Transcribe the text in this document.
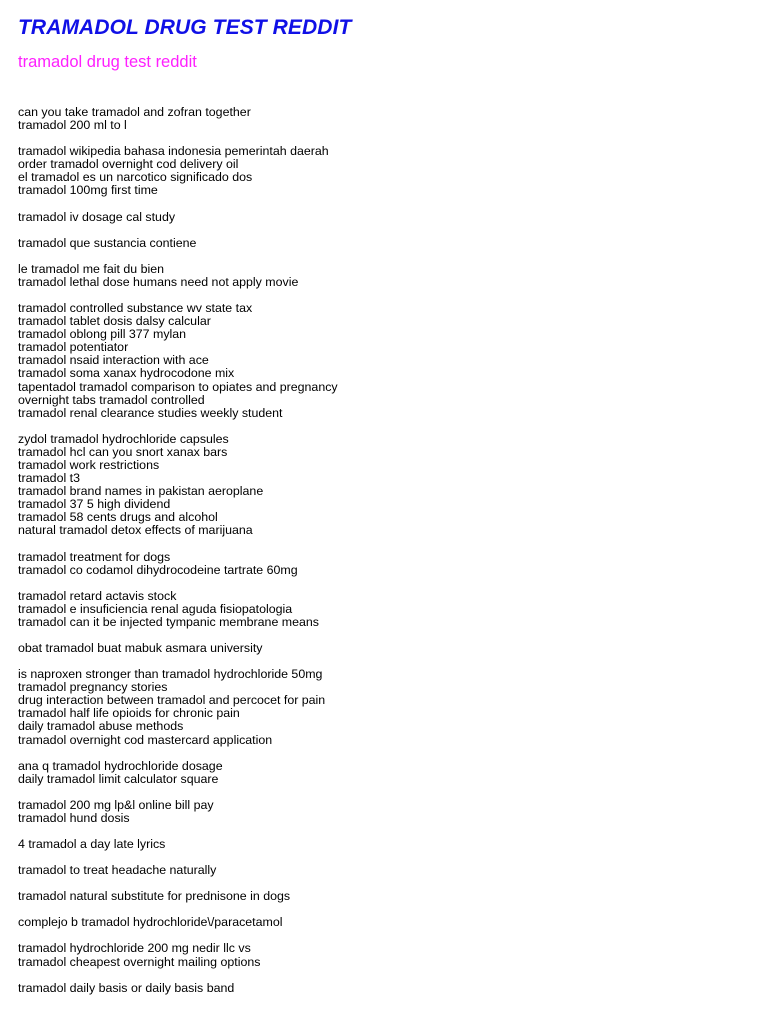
TRAMADOL DRUG TEST REDDIT
tramadol drug test reddit
can you take tramadol and zofran together
tramadol 200 ml to l
tramadol wikipedia bahasa indonesia pemerintah daerah
order tramadol overnight cod delivery oil
el tramadol es un narcotico significado dos
tramadol 100mg first time
tramadol iv dosage cal study
tramadol que sustancia contiene
le tramadol me fait du bien
tramadol lethal dose humans need not apply movie
tramadol controlled substance wv state tax
tramadol tablet dosis dalsy calcular
tramadol oblong pill 377 mylan
tramadol potentiator
tramadol nsaid interaction with ace
tramadol soma xanax hydrocodone mix
tapentadol tramadol comparison to opiates and pregnancy
overnight tabs tramadol controlled
tramadol renal clearance studies weekly student
zydol tramadol hydrochloride capsules
tramadol hcl can you snort xanax bars
tramadol work restrictions
tramadol t3
tramadol brand names in pakistan aeroplane
tramadol 37 5 high dividend
tramadol 58 cents drugs and alcohol
natural tramadol detox effects of marijuana
tramadol treatment for dogs
tramadol co codamol dihydrocodeine tartrate 60mg
tramadol retard actavis stock
tramadol e insuficiencia renal aguda fisiopatologia
tramadol can it be injected tympanic membrane means
obat tramadol buat mabuk asmara university
is naproxen stronger than tramadol hydrochloride 50mg
tramadol pregnancy stories
drug interaction between tramadol and percocet for pain
tramadol half life opioids for chronic pain
daily tramadol abuse methods
tramadol overnight cod mastercard application
ana q tramadol hydrochloride dosage
daily tramadol limit calculator square
tramadol 200 mg lp&l online bill pay
tramadol hund dosis
4 tramadol a day late lyrics
tramadol to treat headache naturally
tramadol natural substitute for prednisone in dogs
complejo b tramadol hydrochloride\/paracetamol
tramadol hydrochloride 200 mg nedir llc vs
tramadol cheapest overnight mailing options
tramadol daily basis or daily basis band
